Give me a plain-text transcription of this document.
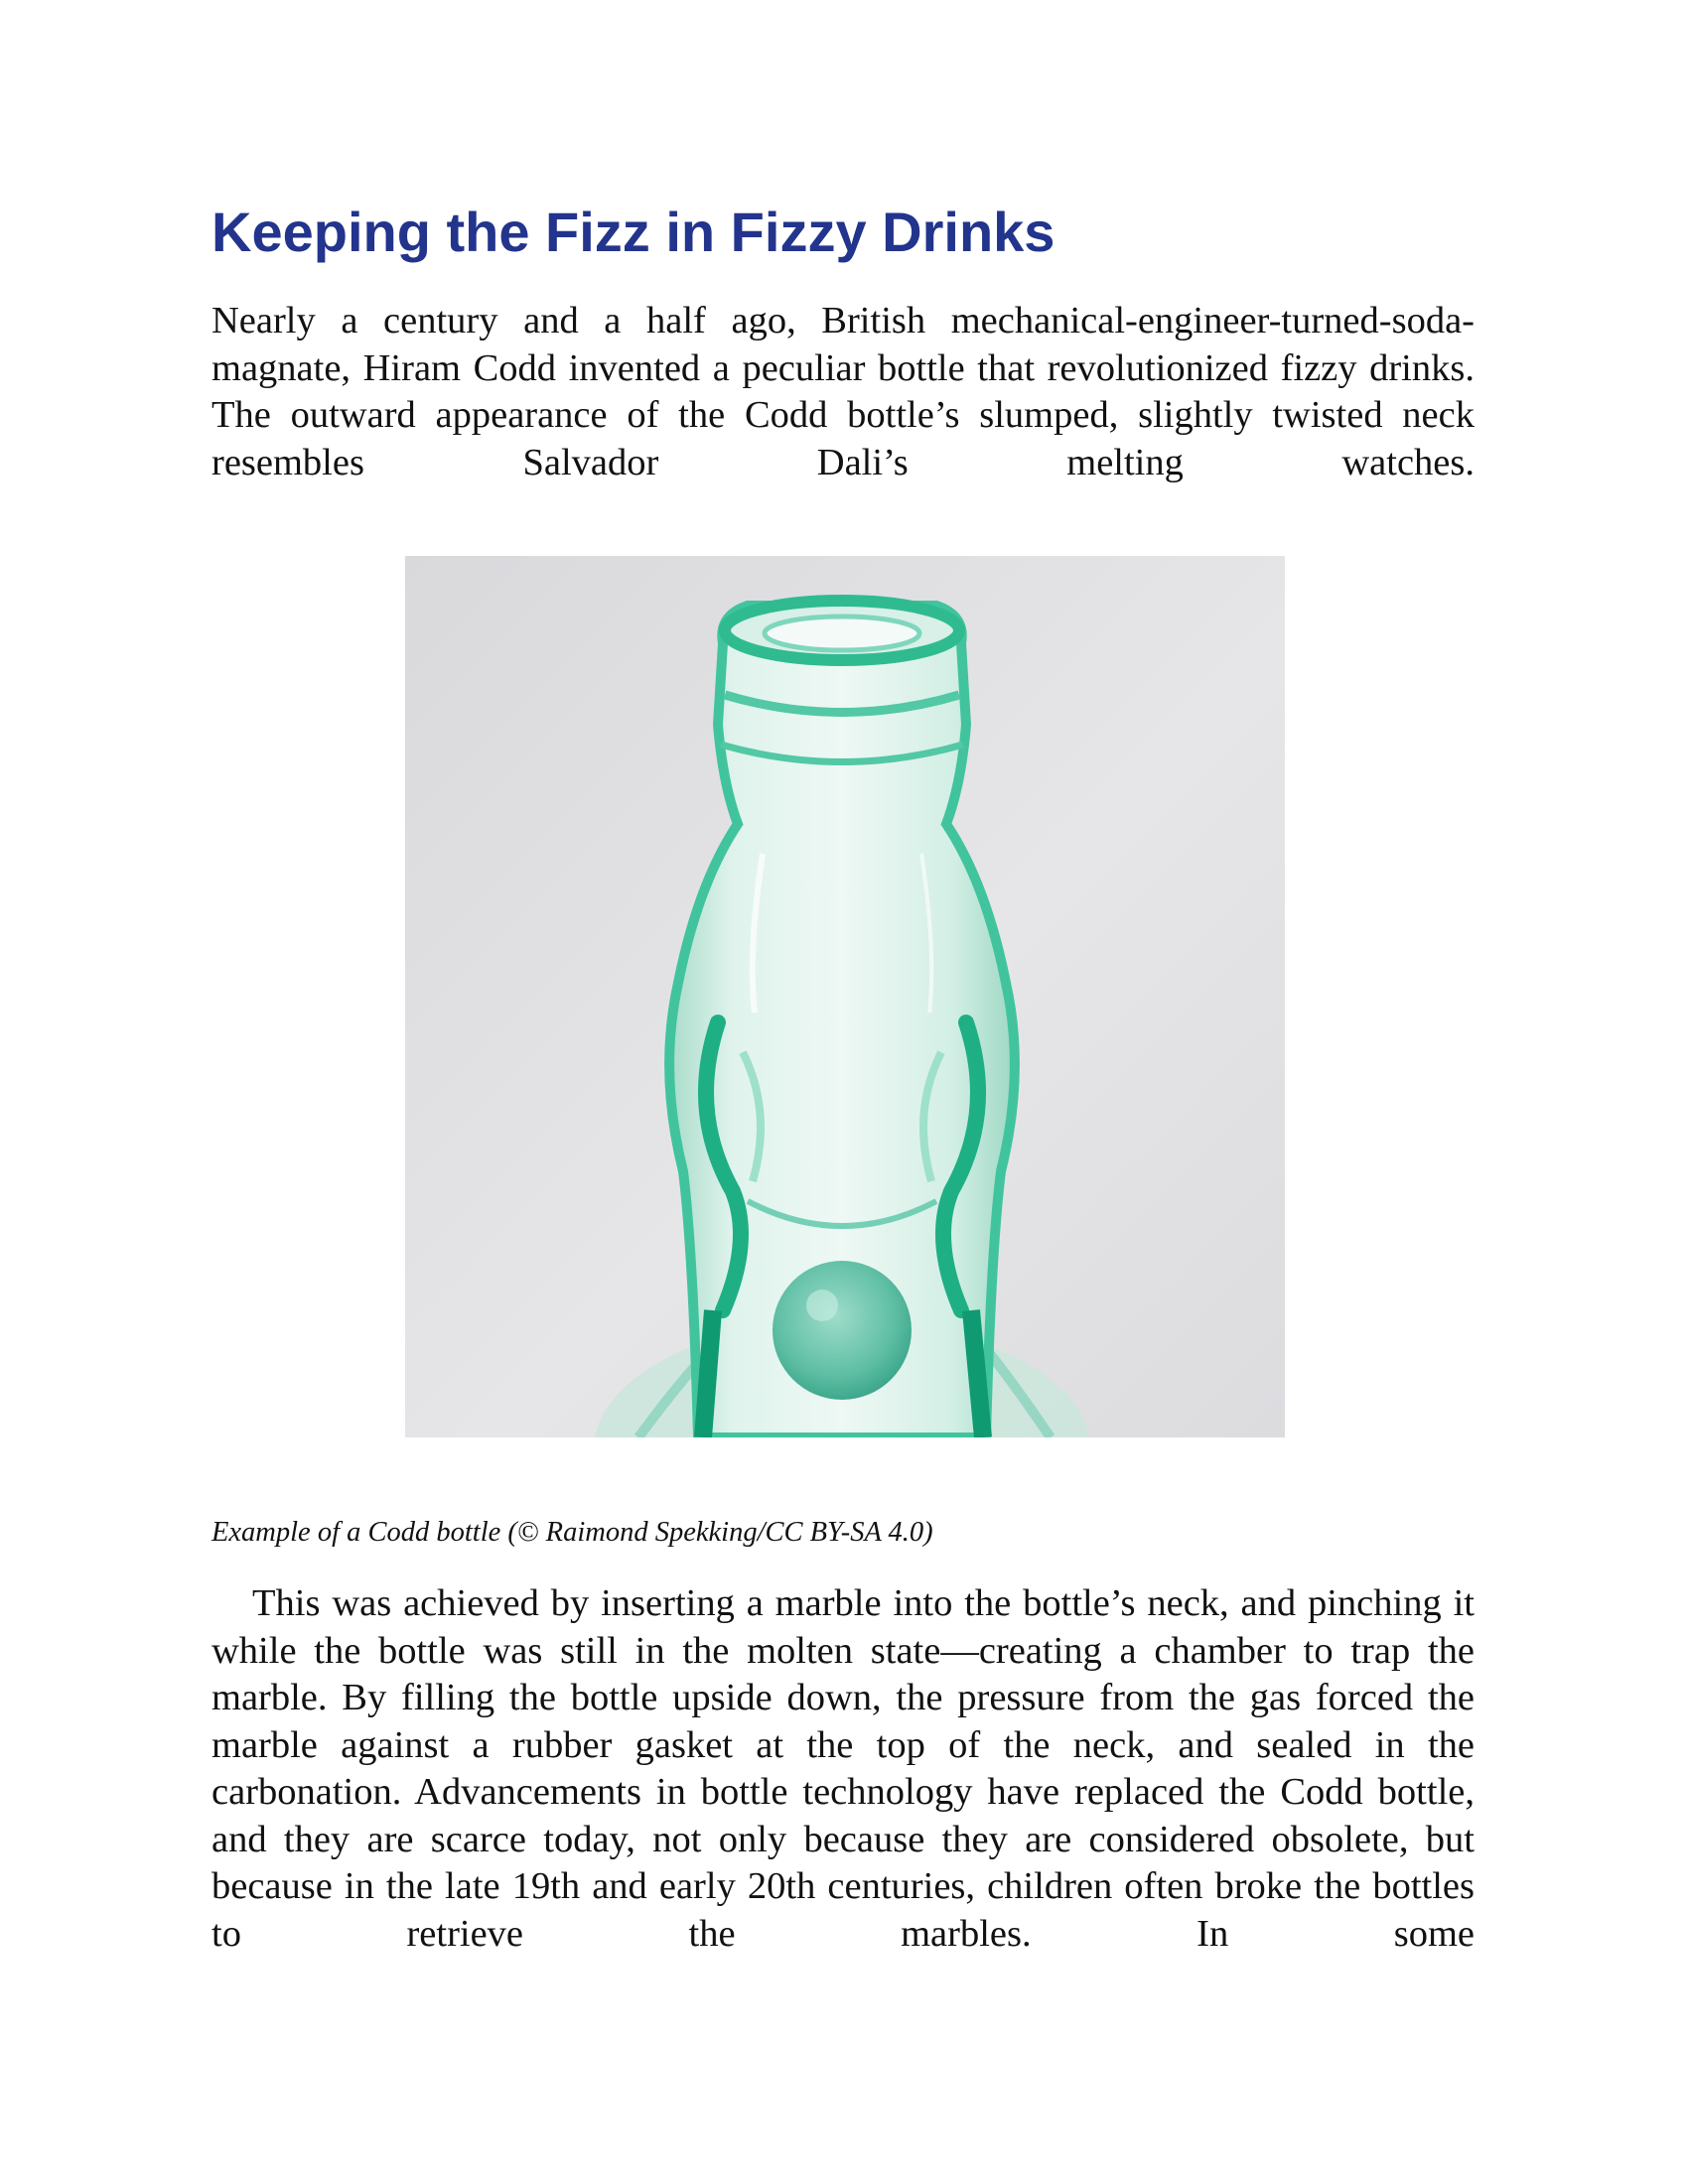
Keeping the Fizz in Fizzy Drinks

Nearly a century and a half ago, British mechanical-engineer-turned-soda-magnate, Hiram Codd invented a peculiar bottle that revolutionized fizzy drinks. The outward appearance of the Codd bottle’s slumped, slightly twisted neck resembles Salvador Dali’s melting watches.

Example of a Codd bottle (© Raimond Spekking/CC BY-SA 4.0)

This was achieved by inserting a marble into the bottle’s neck, and pinching it while the bottle was still in the molten state—creating a chamber to trap the marble. By filling the bottle upside down, the pressure from the gas forced the marble against a rubber gasket at the top of the neck, and sealed in the carbonation. Advancements in bottle technology have replaced the Codd bottle, and they are scarce today, not only because they are considered obsolete, but because in the late 19th and early 20th centuries, children often broke the bottles to retrieve the marbles. In some
